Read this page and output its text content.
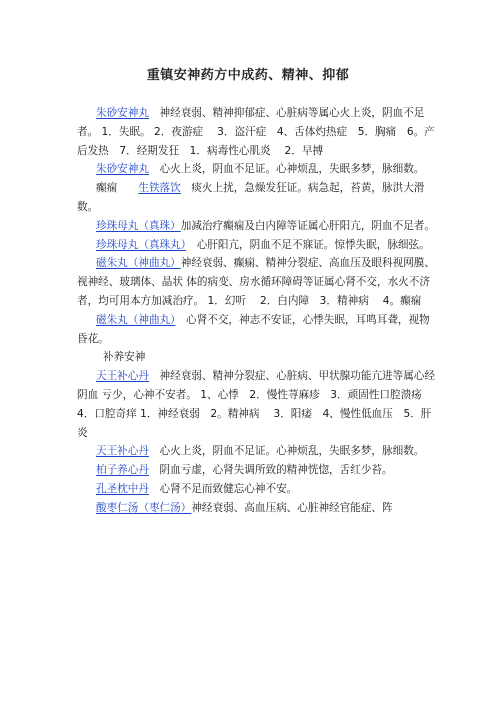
重镇安神药方中成药、精神、抑郁

朱砂安神丸　神经衰弱、精神抑郁症、心脏病等属心火上炎，阴血不足者。 1．失眠。 2．夜游症　 3．盗汗症　4、舌体灼热症　5．胸痛　6。产后发热　7．经期发狂　1．病毒性心肌炎　 2．早搏

朱砂安神丸　心火上炎，阴血不足证。心神烦乱，失眠多梦，脉细数。

癫痫　　生铁落饮　痰火上扰，急燥发狂证。病急起，苔黄，脉洪大滑数。

珍珠母丸（真珠）加减治疗癫痫及白内障等证属心肝阳亢，阴血不足者。

珍珠母丸（真珠丸）　心肝阳亢，阴血不足不寐证。惊悸失眠，脉细弦。

磁朱丸（神曲丸）神经衰弱、癫痫、精神分裂症、高血压及眼科视网膜、视神经、玻璃体、晶状 体的病变、房水循环障碍等证属心肾不交，水火不济者，均可用本方加减治疗。 1．幻听　 2．白内障　3．精神病　 4。癫痫

磁朱丸（神曲丸）　心肾不交，神志不安证，心悸失眠，耳鸣耳聋，视物昏花。

补养安神

天王补心丹　神经衰弱、精神分裂症、心脏病、甲状腺功能亢进等属心经阴血 亏少，心神不安者。 1、心悸　2．慢性荨麻疹　3．顽固性口腔溃疡　4．口腔奇痒 1．神经衰弱　2。精神病　 3．阳痿　4、慢性低血压　5．肝炎

天王补心丹　心火上炎，阴血不足证。心神烦乱，失眠多梦，脉细数。

柏子养心丹　阴血亏虚，心肾失调所致的精神恍惚，舌红少苔。

孔圣枕中丹　心肾不足而致健忘心神不安。

酸枣仁汤（枣仁汤）神经衰弱、高血压病、心脏神经官能症、阵
